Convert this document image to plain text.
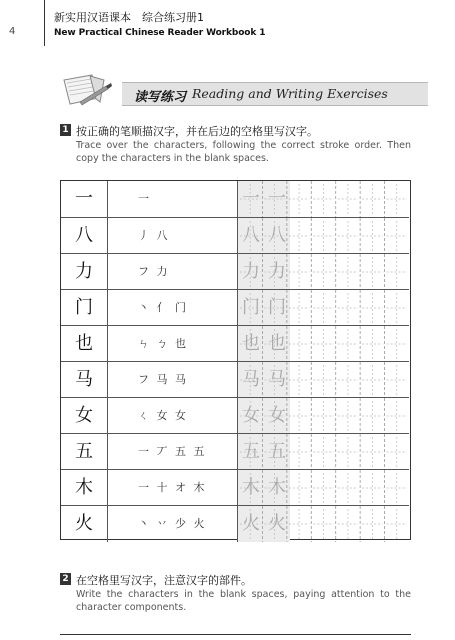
4
新实用汉语课本　综合练习册1
New Practical Chinese Reader Workbook 1
读写练习 Reading and Writing Exercises
1 按正确的笔顺描汉字，并在后边的空格里写汉字。
Trace over the characters, following the correct stroke order. Then copy the characters in the blank spaces.
一	一	一 一
八	丿 八	八 八
力	フ 力	力 力
门	丶 亻 门	门 门
也	ㄣ ㄅ 也	也 也
马	フ 马 马	马 马
女	ㄑ 女 女	女 女
五	一 丆 五 五	五 五
木	一 十 オ 木	木 木
火	丶 丷 少 火	火 火
2 在空格里写汉字，注意汉字的部件。
Write the characters in the blank spaces, paying attention to the character components.
